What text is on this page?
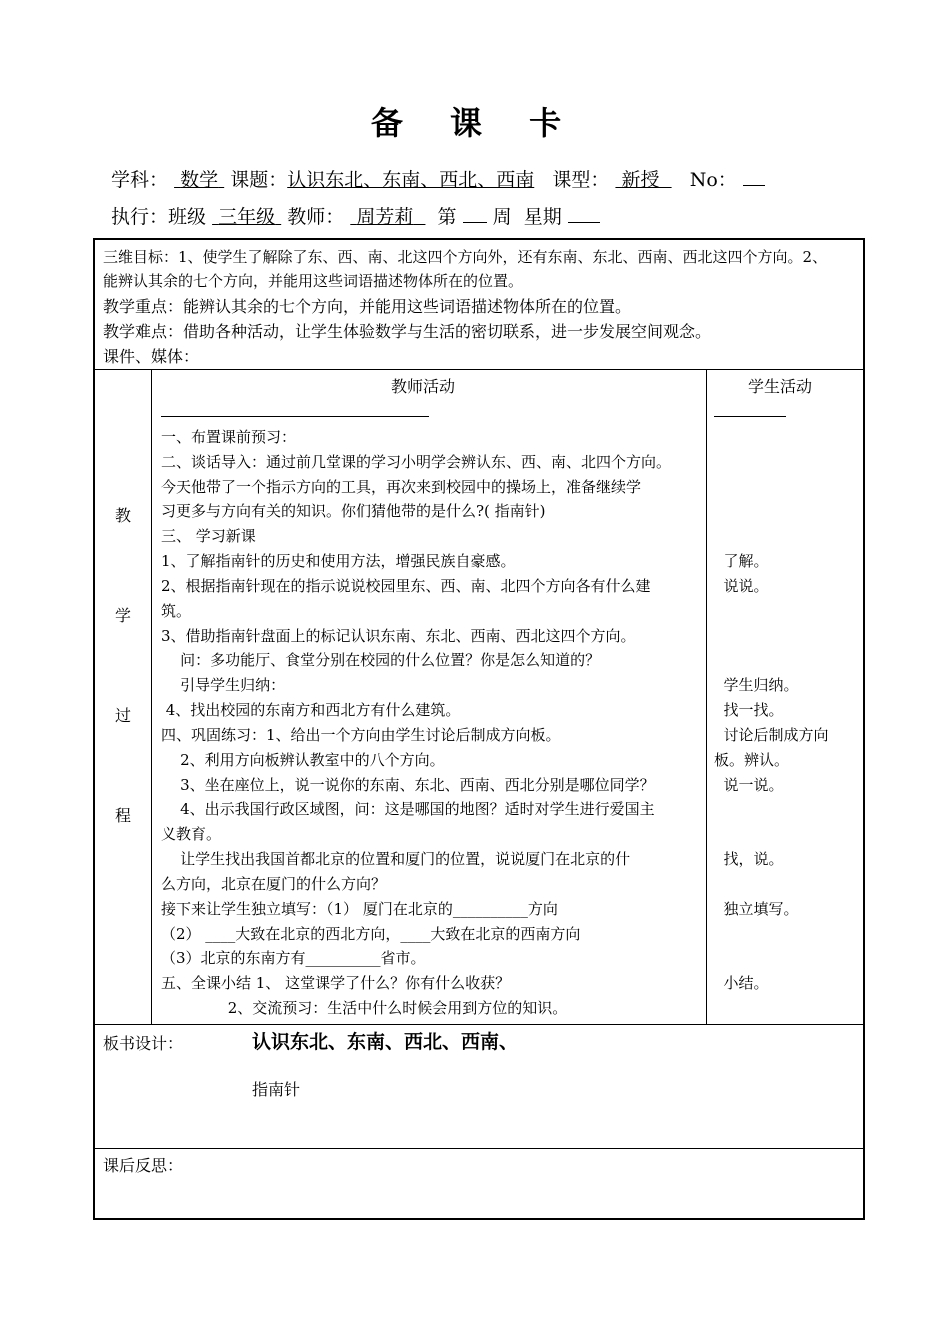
备 课 卡
学科： 数学 课题：认识东北、东南、西北、西南 课型： 新授 No：
执行：班级 三年级 教师： 周芳莉 第 周 星期
三维目标：1、使学生了解除了东、西、南、北这四个方向外，还有东南、东北、西南、西北这四个方向。2、
能辨认其余的七个方向，并能用这些词语描述物体所在的位置。
教学重点：能辨认其余的七个方向，并能用这些词语描述物体所在的位置。
教学难点：借助各种活动，让学生体验数学与生活的密切联系，进一步发展空间观念。
课件、媒体：
教
学
过
程
教师活动	学生活动
一、布置课前预习：
二、谈话导入：通过前几堂课的学习小明学会辨认东、西、南、北四个方向。
今天他带了一个指示方向的工具，再次来到校园中的操场上，准备继续学
习更多与方向有关的知识。你们猜他带的是什么?( 指南针)
三、 学习新课
1、了解指南针的历史和使用方法，增强民族自豪感。
2、根据指南针现在的指示说说校园里东、西、南、北四个方向各有什么建
筑。
3、借助指南针盘面上的标记认识东南、东北、西南、西北这四个方向。
问：多功能厅、食堂分别在校园的什么位置？你是怎么知道的？
引导学生归纳：
4、找出校园的东南方和西北方有什么建筑。
四、巩固练习：1、给出一个方向由学生讨论后制成方向板。
2、利用方向板辨认教室中的八个方向。
3、坐在座位上，说一说你的东南、东北、西南、西北分别是哪位同学？
4、出示我国行政区域图，问：这是哪国的地图？适时对学生进行爱国主
义教育。
让学生找出我国首都北京的位置和厦门的位置，说说厦门在北京的什
么方向，北京在厦门的什么方向？
接下来让学生独立填写：（1） 厦门在北京的__________方向
（2） ____大致在北京的西北方向，____大致在北京的西南方向
（3）北京的东南方有__________省市。
五、全课小结 1、 这堂课学了什么？你有什么收获？
2、交流预习：生活中什么时候会用到方位的知识。
了解。
说说。
学生归纳。
找一找。
讨论后制成方向
板。辨认。
说一说。
找，说。
独立填写。
小结。
板书设计：	认识东北、东南、西北、西南、
指南针
课后反思：
